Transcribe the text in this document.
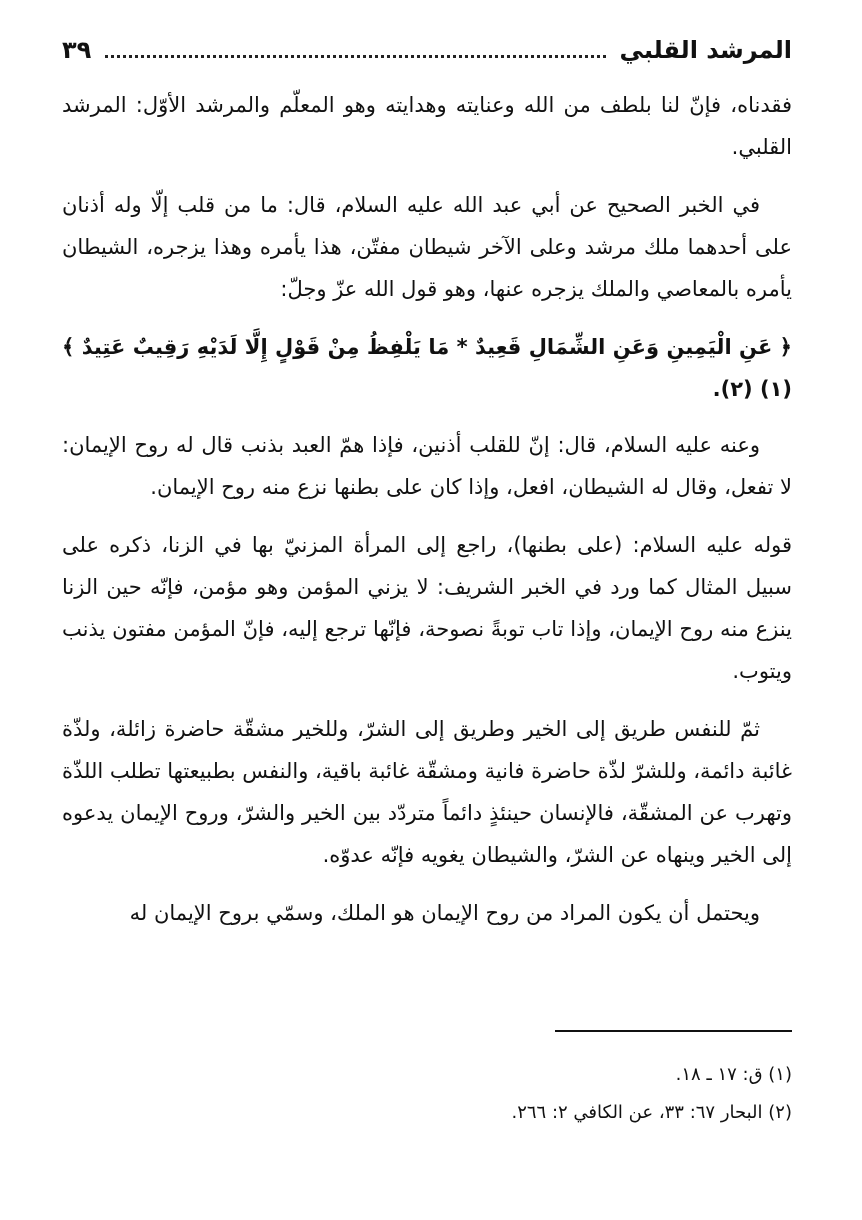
المرشد القلبي
٣٩

فقدناه، فإنّ لنا بلطف من الله وعنايته وهدايته وهو المعلّم والمرشد الأوّل: المرشد القلبي.

في الخبر الصحيح عن أبي عبد الله عليه السلام، قال: ما من قلب إلّا وله أذنان على أحدهما ملك مرشد وعلى الآخر شيطان مفتّن، هذا يأمره وهذا يزجره، الشيطان يأمره بالمعاصي والملك يزجره عنها، وهو قول الله عزّ وجلّ:

﴿ عَنِ الْيَمِينِ وَعَنِ الشِّمَالِ قَعِيدٌ * مَا يَلْفِظُ مِنْ قَوْلٍ إِلَّا لَدَيْهِ رَقِيبٌ عَتِيدٌ ﴾(١) (٢).

وعنه عليه السلام، قال: إنّ للقلب أذنين، فإذا همّ العبد بذنب قال له روح الإيمان: لا تفعل، وقال له الشيطان، افعل، وإذا كان على بطنها نزع منه روح الإيمان.

قوله عليه السلام: (على بطنها)، راجع إلى المرأة المزنيّ بها في الزنا، ذكره على سبيل المثال كما ورد في الخبر الشريف: لا يزني المؤمن وهو مؤمن، فإنّه حين الزنا ينزع منه روح الإيمان، وإذا تاب توبةً نصوحة، فإنّها ترجع إليه، فإنّ المؤمن مفتون يذنب ويتوب.

ثمّ للنفس طريق إلى الخير وطريق إلى الشرّ، وللخير مشقّة حاضرة زائلة، ولذّة غائبة دائمة، وللشرّ لذّة حاضرة فانية ومشقّة غائبة باقية، والنفس بطبيعتها تطلب اللذّة وتهرب عن المشقّة، فالإنسان حينئذٍ دائماً متردّد بين الخير والشرّ، وروح الإيمان يدعوه إلى الخير وينهاه عن الشرّ، والشيطان يغويه فإنّه عدوّه.

ويحتمل أن يكون المراد من روح الإيمان هو الملك، وسمّي بروح الإيمان له

(١) ق: ١٧ ـ ١٨.

(٢) البحار ٦٧: ٣٣، عن الكافي ٢: ٢٦٦.
